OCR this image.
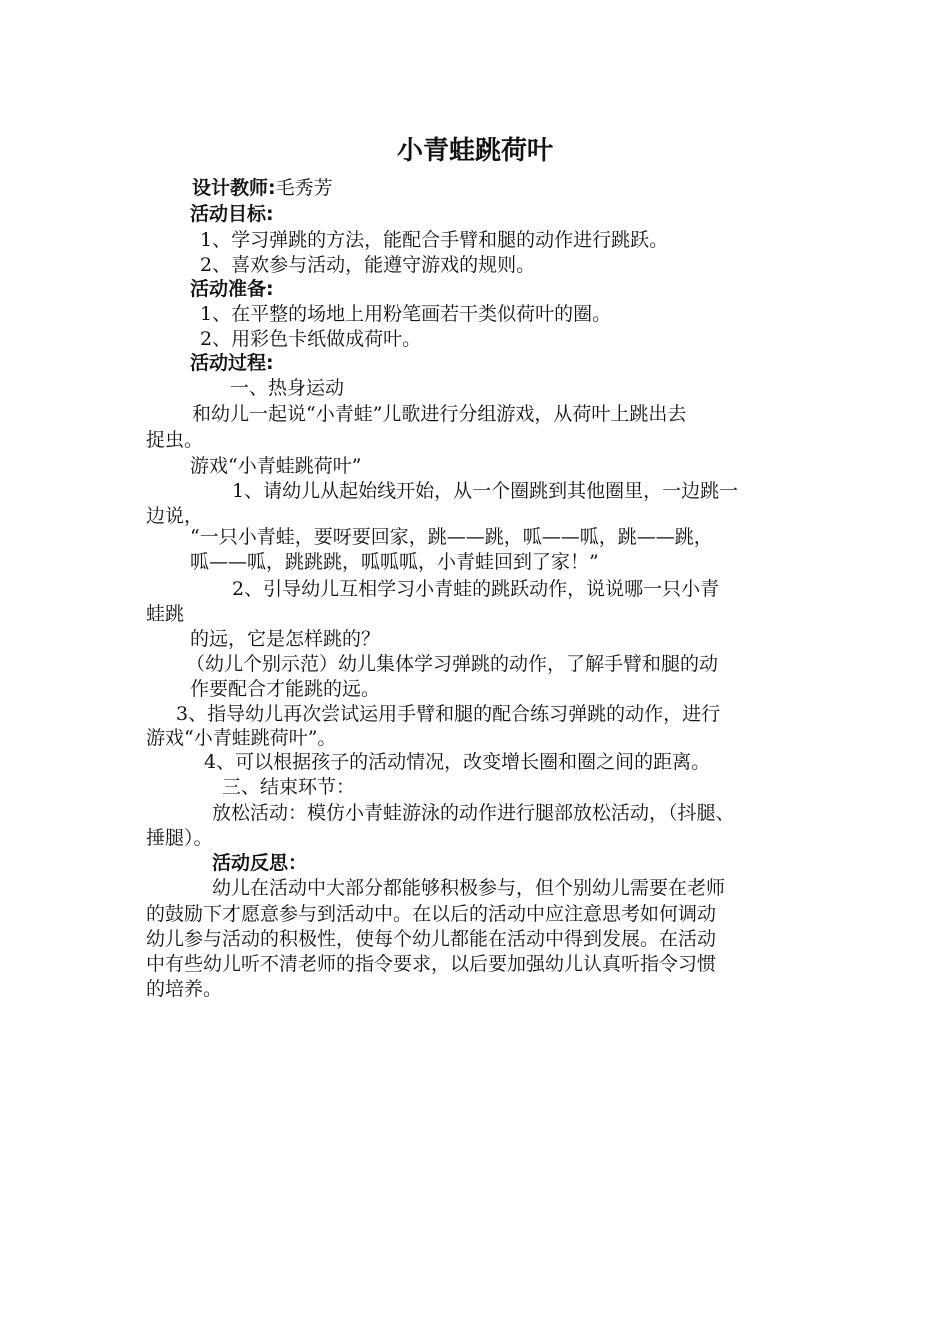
小青蛙跳荷叶
设计教师:毛秀芳
活动目标:
1、学习弹跳的方法，能配合手臂和腿的动作进行跳跃。
2、喜欢参与活动，能遵守游戏的规则。
活动准备:
1、在平整的场地上用粉笔画若干类似荷叶的圈。
2、用彩色卡纸做成荷叶。
活动过程:
一、热身运动
和幼儿一起说“小青蛙”儿歌进行分组游戏，从荷叶上跳出去
捉虫。
游戏“小青蛙跳荷叶”
1、请幼儿从起始线开始，从一个圈跳到其他圈里，一边跳一
边说，
“一只小青蛙，要呀要回家，跳——跳，呱——呱，跳——跳，
呱——呱，跳跳跳，呱呱呱，小青蛙回到了家！”
2、引导幼儿互相学习小青蛙的跳跃动作，说说哪一只小青
蛙跳
的远，它是怎样跳的？
（幼儿个别示范）幼儿集体学习弹跳的动作，了解手臂和腿的动
作要配合才能跳的远。
3、指导幼儿再次尝试运用手臂和腿的配合练习弹跳的动作，进行
游戏“小青蛙跳荷叶”。
4、可以根据孩子的活动情况，改变增长圈和圈之间的距离。
三、结束环节：
放松活动：模仿小青蛙游泳的动作进行腿部放松活动，（抖腿、
捶腿）。
活动反思：
幼儿在活动中大部分都能够积极参与，但个别幼儿需要在老师
的鼓励下才愿意参与到活动中。在以后的活动中应注意思考如何调动
幼儿参与活动的积极性，使每个幼儿都能在活动中得到发展。在活动
中有些幼儿听不清老师的指令要求，以后要加强幼儿认真听指令习惯
的培养。
